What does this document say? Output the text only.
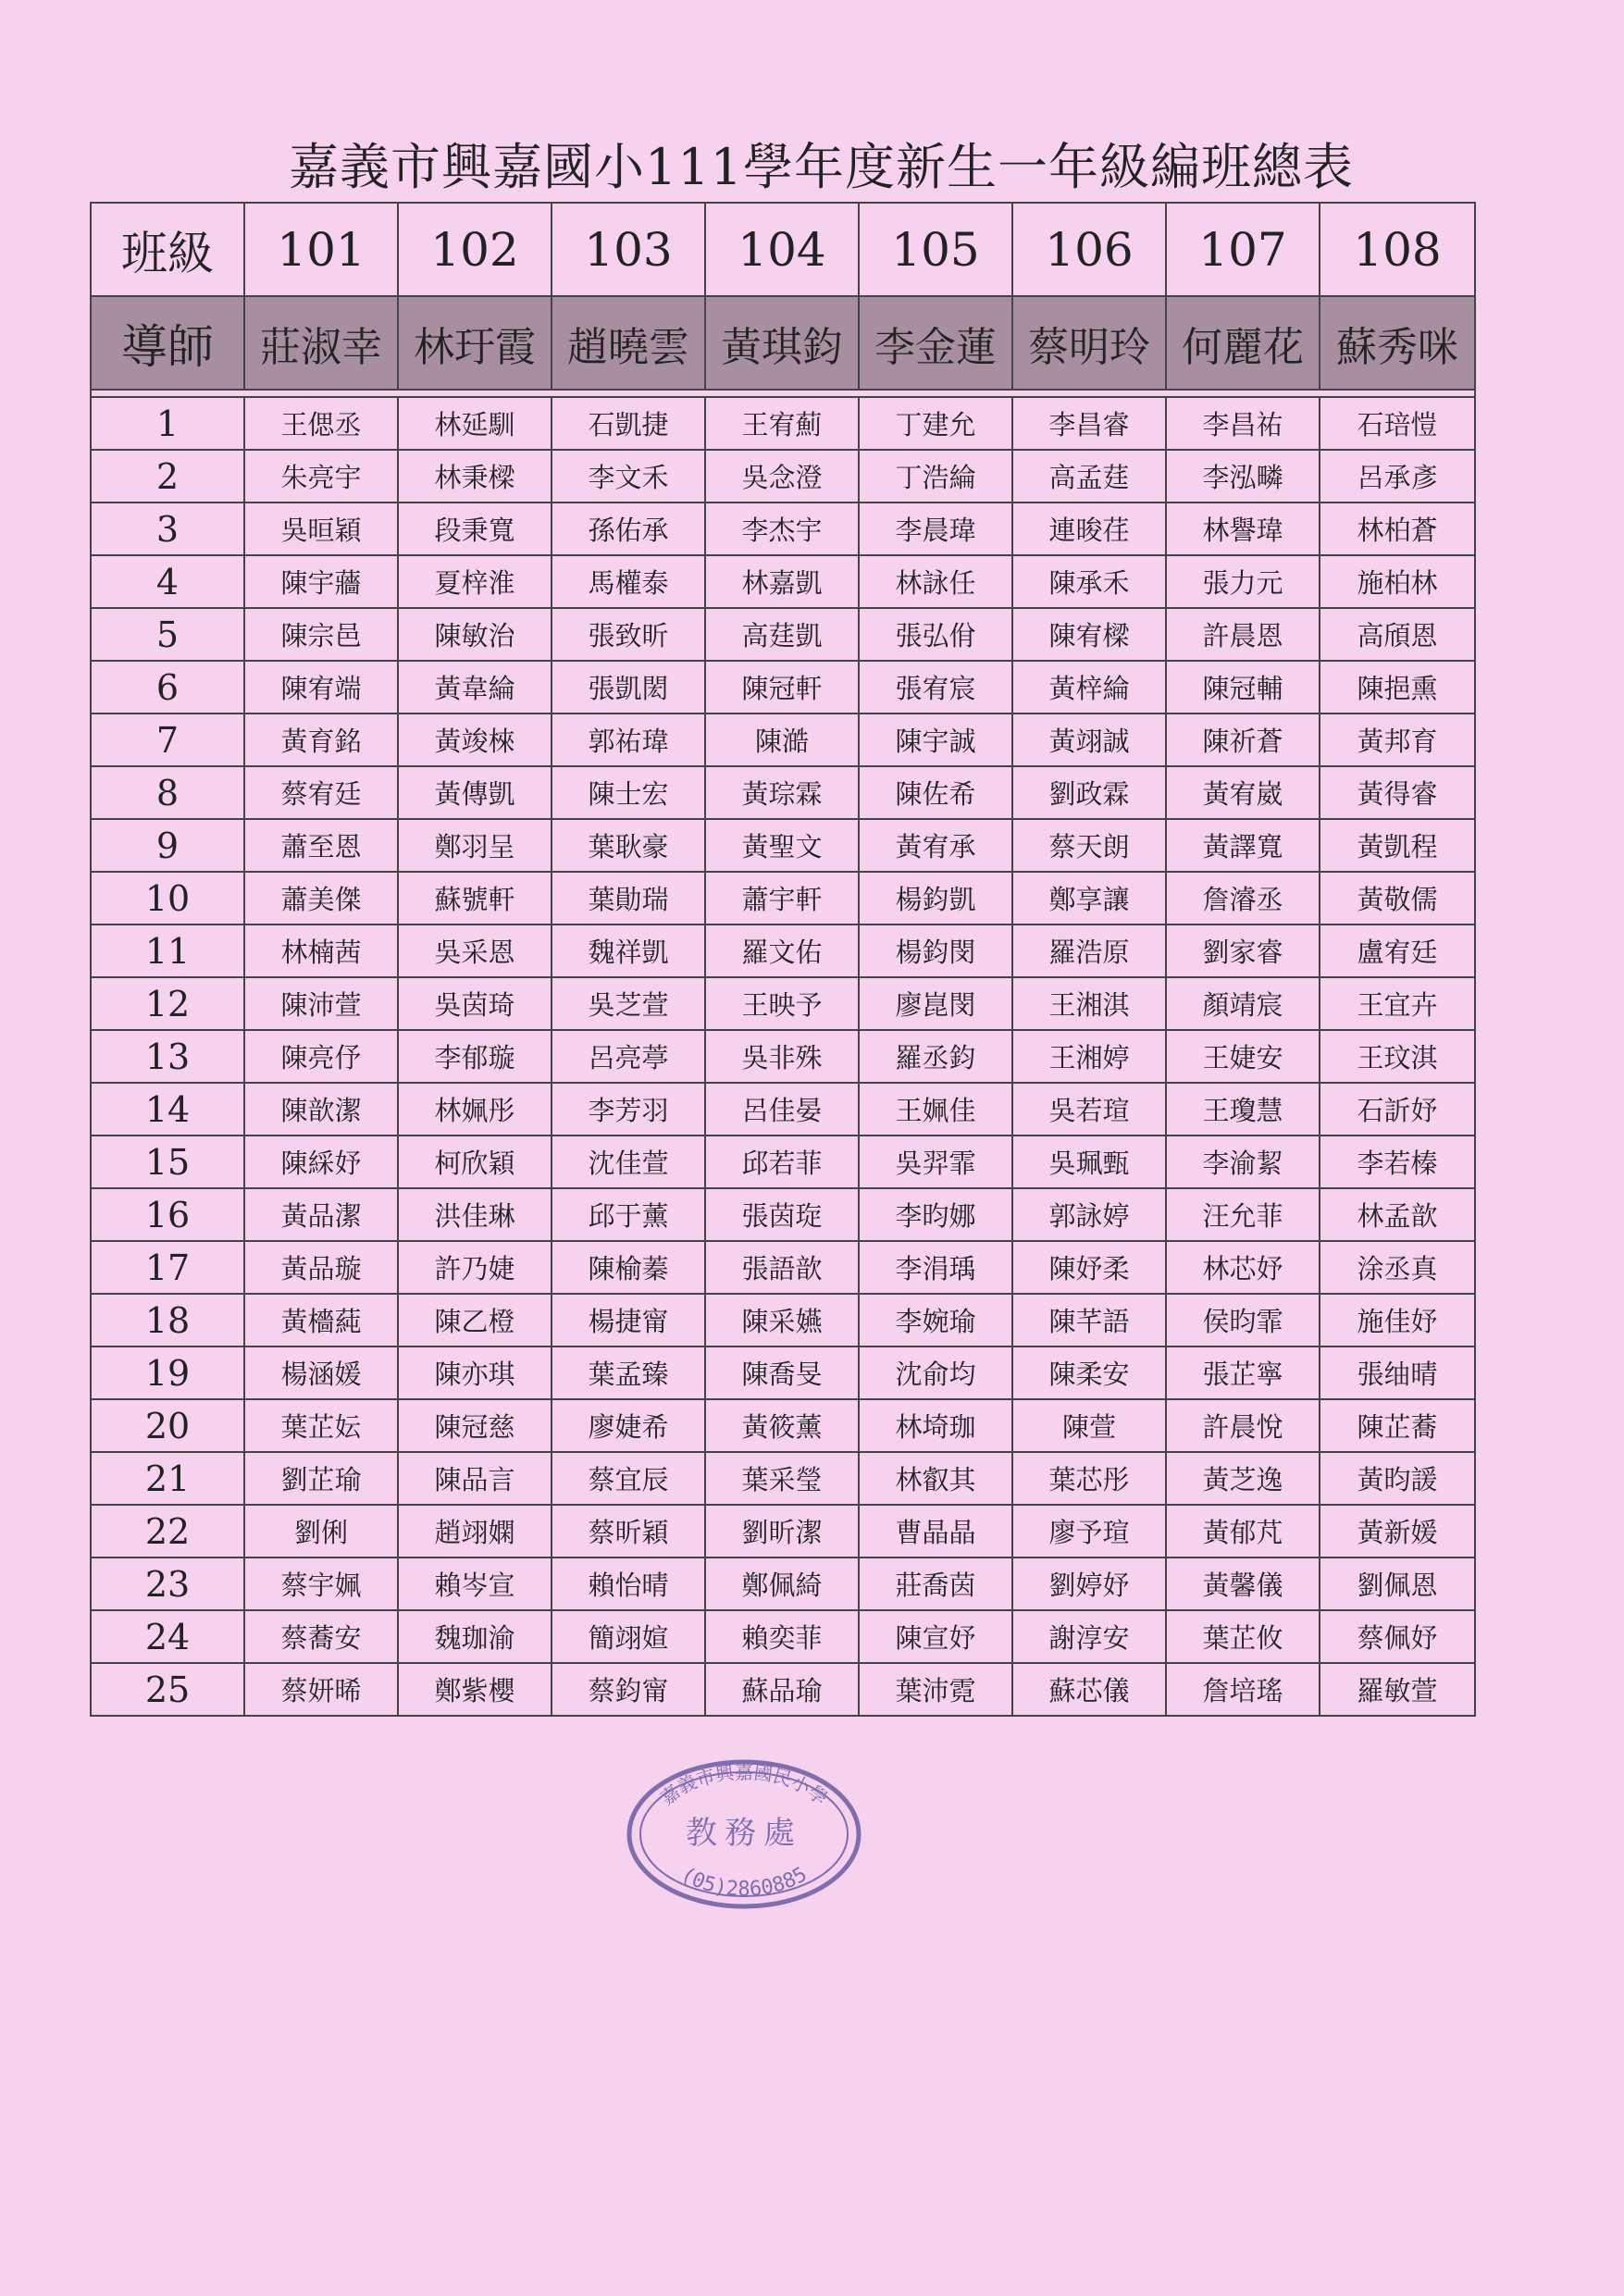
嘉義市興嘉國小111學年度新生一年級編班總表
班級	101	102	103	104	105	106	107	108
導師	莊淑幸	林玗霞	趙曉雲	黃琪鈞	李金蓮	蔡明玲	何麗花	蘇秀咪

1	王偲丞	林延馴	石凱捷	王宥薊	丁建允	李昌睿	李昌祐	石琣愷
2	朱亮宇	林秉樑	李文禾	吳念澄	丁浩綸	高孟莛	李泓疄	呂承彥
3	吳晅穎	段秉寬	孫佑承	李杰宇	李晨瑋	連晙荏	林譽瑋	林柏蒼
4	陳宇蘠	夏梓淮	馬權泰	林嘉凱	林詠任	陳承禾	張力元	施柏林
5	陳宗邑	陳敏治	張致昕	高莛凱	張弘佾	陳宥樑	許晨恩	高頎恩
6	陳宥端	黃韋綸	張凱閎	陳冠軒	張宥宸	黃梓綸	陳冠輔	陳挹熏
7	黃育銘	黃竣棶	郭祐瑋	陳澔	陳宇誠	黃翊誠	陳祈蒼	黃邦育
8	蔡宥廷	黃傳凱	陳士宏	黃琮霖	陳佐希	劉政霖	黃宥崴	黃得睿
9	蕭至恩	鄭羽呈	葉耿豪	黃聖文	黃宥承	蔡天朗	黃譯寬	黃凱程
10	蕭美傑	蘇號軒	葉勛瑞	蕭宇軒	楊鈞凱	鄭享讓	詹濬丞	黃敬儒
11	林楠茜	吳采恩	魏祥凱	羅文佑	楊鈞閔	羅浩原	劉家睿	盧宥廷
12	陳沛萱	吳茵琦	吳芝萱	王映予	廖崑閔	王湘淇	顏靖宸	王宜卉
13	陳亮伃	李郁璇	呂亮葶	吳非殊	羅丞鈞	王湘婷	王婕安	王玟淇
14	陳歆潔	林姵彤	李芳羽	呂佳晏	王姵佳	吳若瑄	王瓊慧	石訢妤
15	陳綵妤	柯欣穎	沈佳萱	邱若菲	吳羿霏	吳珮甄	李渝絜	李若榛
16	黃品潔	洪佳琳	邱于薰	張茵琁	李昀娜	郭詠婷	汪允菲	林孟歆
17	黃品璇	許乃婕	陳榆蓁	張語歆	李涓瑀	陳妤柔	林芯妤	涂丞真
18	黃檣蒓	陳乙橙	楊捷甯	陳采嬿	李婉瑜	陳芊語	侯昀霏	施佳妤
19	楊涵媛	陳亦琪	葉孟臻	陳喬旻	沈俞均	陳柔安	張芷寧	張䌷晴
20	葉芷妘	陳冠慈	廖婕希	黃筱薰	林埼珈	陳萱	許晨悅	陳芷蕎
21	劉芷瑜	陳品言	蔡宜辰	葉采瑩	林叡其	葉芯彤	黃芝逸	黃昀諼
22	劉俐	趙翊嫻	蔡昕穎	劉昕潔	曹晶晶	廖予瑄	黃郁芃	黃新媛
23	蔡宇姵	賴岑宣	賴怡晴	鄭佩綺	莊喬茵	劉婷妤	黃馨儀	劉佩恩
24	蔡蕎安	魏珈渝	簡翊媗	賴奕菲	陳宣妤	謝淳安	葉芷攸	蔡佩妤
25	蔡妍晞	鄭紫櫻	蔡鈞甯	蘇品瑜	葉沛霓	蘇芯儀	詹培瑤	羅敏萱
嘉義市興嘉國民小學
教務處
(05)2860885
